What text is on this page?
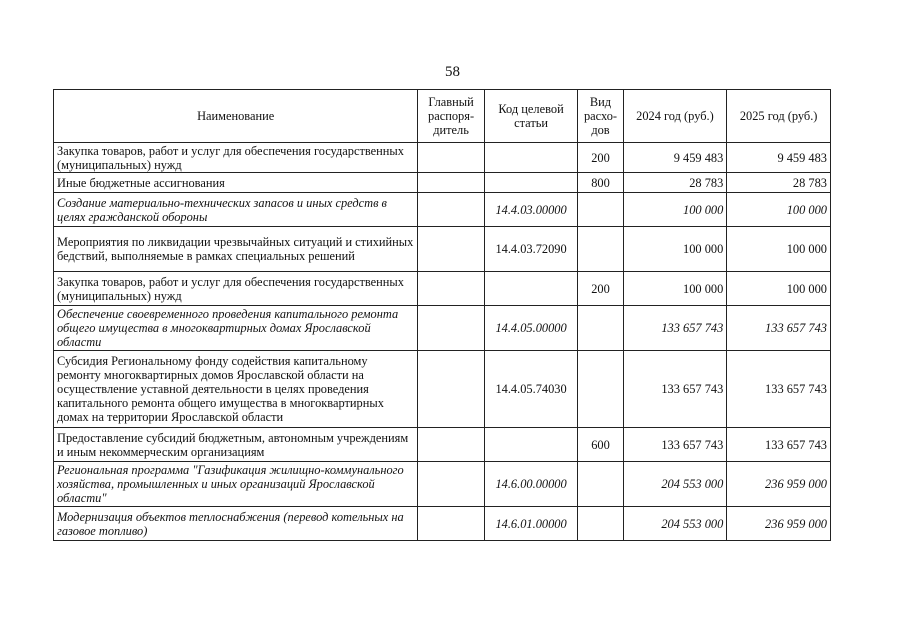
58
Наименование	Главный распоря-дитель	Код целевой статьи	Вид расхо-дов	2024 год (руб.)	2025 год (руб.)
Закупка товаров, работ и услуг для обеспечения государственных (муниципальных) нужд			200	9 459 483	9 459 483
Иные бюджетные ассигнования			800	28 783	28 783
Создание материально-технических запасов и иных средств в целях гражданской обороны		14.4.03.00000		100 000	100 000
Мероприятия по ликвидации чрезвычайных ситуаций и стихийных бедствий, выполняемые в рамках специальных решений		14.4.03.72090		100 000	100 000
Закупка товаров, работ и услуг для обеспечения государственных (муниципальных) нужд			200	100 000	100 000
Обеспечение своевременного проведения капитального ремонта общего имущества в многоквартирных домах Ярославской области		14.4.05.00000		133 657 743	133 657 743
Субсидия Региональному фонду содействия капитальному ремонту многоквартирных домов Ярославской области на осуществление уставной деятельности в целях проведения капитального ремонта общего имущества в многоквартирных домах на территории Ярославской области		14.4.05.74030		133 657 743	133 657 743
Предоставление субсидий бюджетным, автономным учреждениям и иным некоммерческим организациям			600	133 657 743	133 657 743
Региональная программа "Газификация жилищно-коммунального хозяйства, промышленных и иных организаций Ярославской области"		14.6.00.00000		204 553 000	236 959 000
Модернизация объектов теплоснабжения (перевод котельных на газовое топливо)		14.6.01.00000		204 553 000	236 959 000
